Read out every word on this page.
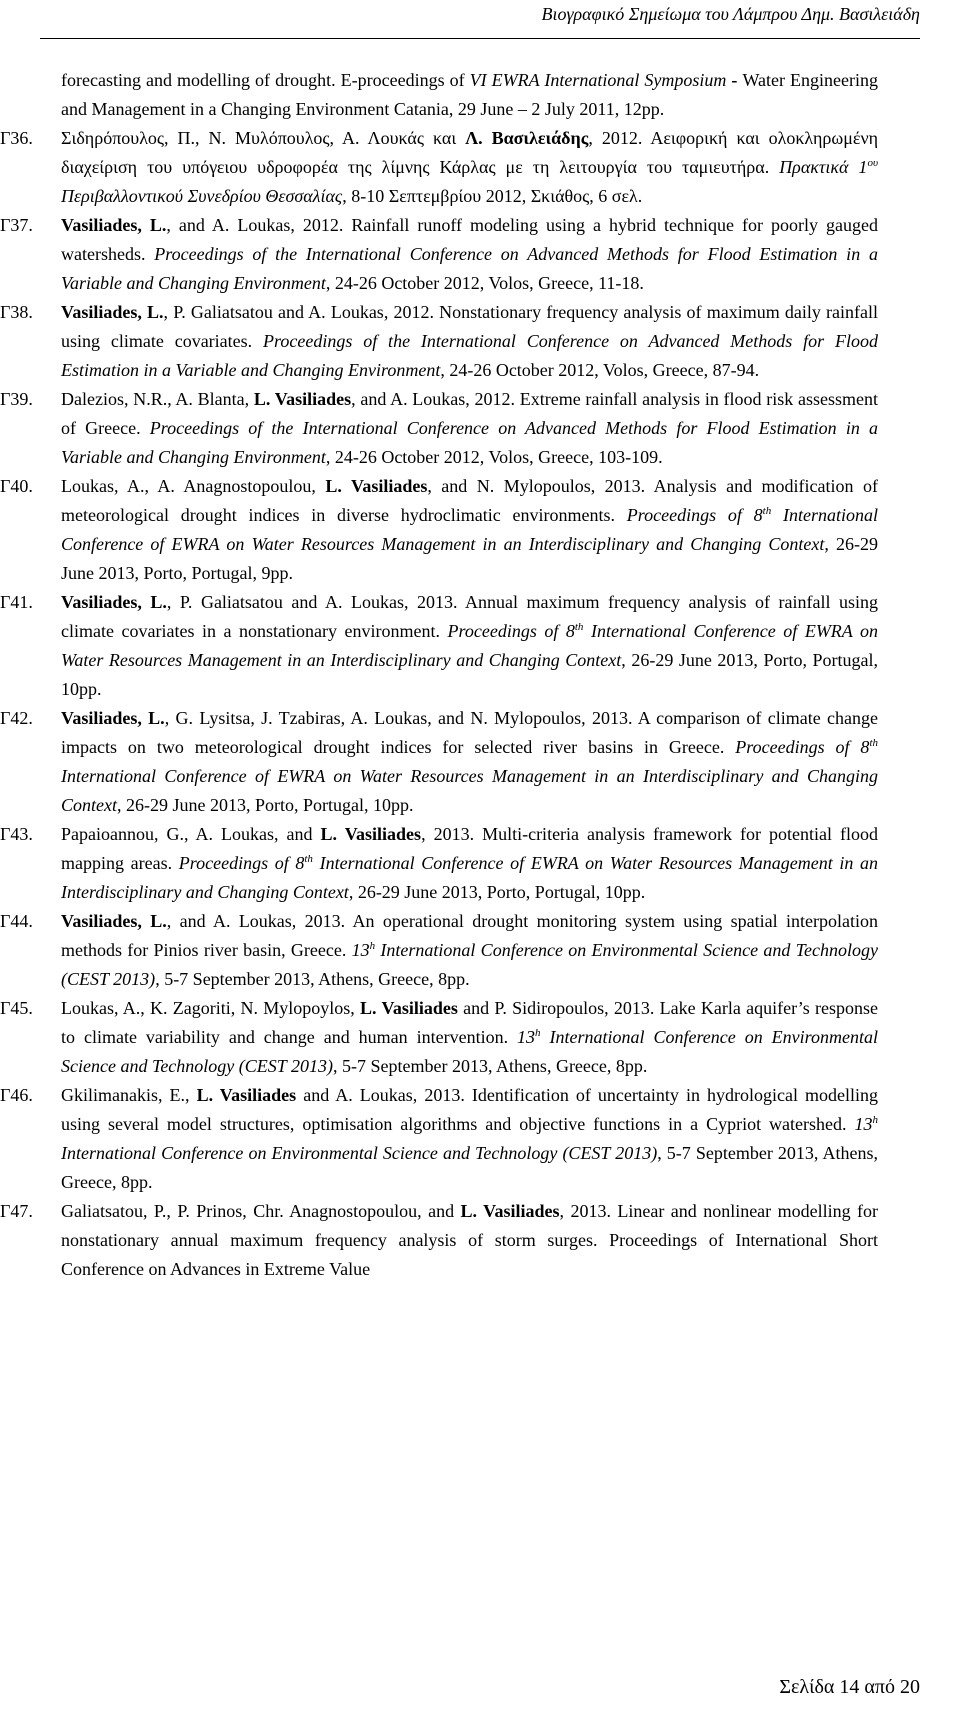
Βιογραφικό Σημείωμα του Λάμπρου Δημ. Βασιλειάδη
forecasting and modelling of drought. E-proceedings of VI EWRA International Symposium - Water Engineering and Management in a Changing Environment Catania, 29 June – 2 July 2011, 12pp.
Γ36.	Σιδηρόπουλος, Π., Ν. Μυλόπουλος, Α. Λουκάς και Λ. Βασιλειάδης, 2012. Αειφορική και ολοκληρωμένη διαχείριση του υπόγειου υδροφορέα της λίμνης Κάρλας με τη λειτουργία του ταμιευτήρα. Πρακτικά $1^{o\upsilon}$ Περιβαλλοντικού Συνεδρίου Θεσσαλίας, 8-10 Σεπτεμβρίου 2012, Σκιάθος, 6 σελ.
Γ37.	Vasiliades, L., and A. Loukas, 2012. Rainfall runoff modeling using a hybrid technique for poorly gauged watersheds. Proceedings of the International Conference on Advanced Methods for Flood Estimation in a Variable and Changing Environment, 24-26 October 2012, Volos, Greece, 11-18.
Γ38.	Vasiliades, L., P. Galiatsatou and A. Loukas, 2012. Nonstationary frequency analysis of maximum daily rainfall using climate covariates. Proceedings of the International Conference on Advanced Methods for Flood Estimation in a Variable and Changing Environment, 24-26 October 2012, Volos, Greece, 87-94.
Γ39.	Dalezios, N.R., A. Blanta, L. Vasiliades, and A. Loukas, 2012. Extreme rainfall analysis in flood risk assessment of Greece. Proceedings of the International Conference on Advanced Methods for Flood Estimation in a Variable and Changing Environment, 24-26 October 2012, Volos, Greece, 103-109.
Γ40.	Loukas, A., A. Anagnostopoulou, L. Vasiliades, and N. Mylopoulos, 2013. Analysis and modification of meteorological drought indices in diverse hydroclimatic environments. Proceedings of 8th International Conference of EWRA on Water Resources Management in an Interdisciplinary and Changing Context, 26-29 June 2013, Porto, Portugal, 9pp.
Γ41.	Vasiliades, L., P. Galiatsatou and A. Loukas, 2013. Annual maximum frequency analysis of rainfall using climate covariates in a nonstationary environment. Proceedings of 8th International Conference of EWRA on Water Resources Management in an Interdisciplinary and Changing Context, 26-29 June 2013, Porto, Portugal, 10pp.
Γ42.	Vasiliades, L., G. Lysitsa, J. Tzabiras, A. Loukas, and N. Mylopoulos, 2013. A comparison of climate change impacts on two meteorological drought indices for selected river basins in Greece. Proceedings of 8th International Conference of EWRA on Water Resources Management in an Interdisciplinary and Changing Context, 26-29 June 2013, Porto, Portugal, 10pp.
Γ43.	Papaioannou, G., A. Loukas, and L. Vasiliades, 2013. Multi-criteria analysis framework for potential flood mapping areas. Proceedings of 8th International Conference of EWRA on Water Resources Management in an Interdisciplinary and Changing Context, 26-29 June 2013, Porto, Portugal, 10pp.
Γ44.	Vasiliades, L., and A. Loukas, 2013. An operational drought monitoring system using spatial interpolation methods for Pinios river basin, Greece. 13$^h$ International Conference on Environmental Science and Technology (CEST 2013), 5-7 September 2013, Athens, Greece, 8pp.
Γ45.	Loukas, A., K. Zagoriti, N. Mylopoylos, L. Vasiliades and P. Sidiropoulos, 2013. Lake Karla aquifer’s response to climate variability and change and human intervention. 13$^h$ International Conference on Environmental Science and Technology (CEST 2013), 5-7 September 2013, Athens, Greece, 8pp.
Γ46.	Gkilimanakis, E., L. Vasiliades and A. Loukas, 2013. Identification of uncertainty in hydrological modelling using several model structures, optimisation algorithms and objective functions in a Cypriot watershed. 13$^h$ International Conference on Environmental Science and Technology (CEST 2013), 5-7 September 2013, Athens, Greece, 8pp.
Γ47.	Galiatsatou, P., P. Prinos, Chr. Anagnostopoulou, and L. Vasiliades, 2013. Linear and nonlinear modelling for nonstationary annual maximum frequency analysis of storm surges. Proceedings of International Short Conference on Advances in Extreme Value
Σελίδα 14 από 20
